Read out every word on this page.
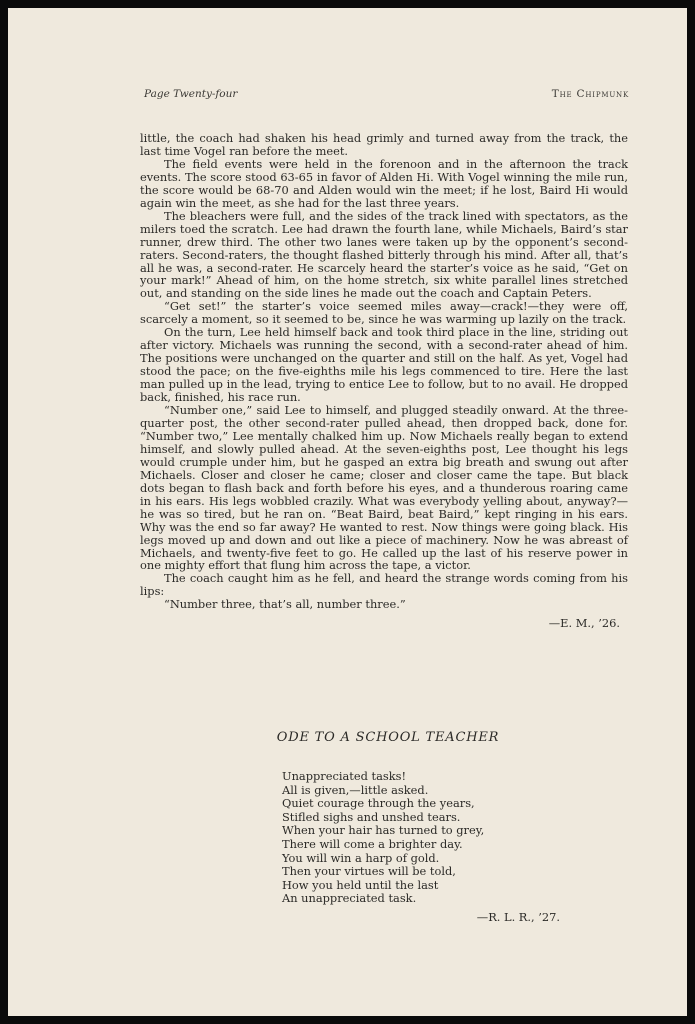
Page Twenty-four	The Chipmunk

little, the coach had shaken his head grimly and turned away from the track, the last time Vogel ran before the meet.

The field events were held in the forenoon and in the afternoon the track events. The score stood 63-65 in favor of Alden Hi. With Vogel winning the mile run, the score would be 68-70 and Alden would win the meet; if he lost, Baird Hi would again win the meet, as she had for the last three years.

The bleachers were full, and the sides of the track lined with spectators, as the milers toed the scratch. Lee had drawn the fourth lane, while Michaels, Baird’s star runner, drew third. The other two lanes were taken up by the opponent’s second-raters. Second-raters, the thought flashed bitterly through his mind. After all, that’s all he was, a second-rater. He scarcely heard the starter’s voice as he said, “Get on your mark!” Ahead of him, on the home stretch, six white parallel lines stretched out, and standing on the side lines he made out the coach and Captain Peters.

“Get set!” the starter’s voice seemed miles away—crack!—they were off, scarcely a moment, so it seemed to be, since he was warming up lazily on the track.

On the turn, Lee held himself back and took third place in the line, striding out after victory. Michaels was running the second, with a second-rater ahead of him. The positions were unchanged on the quarter and still on the half. As yet, Vogel had stood the pace; on the five-eighths mile his legs commenced to tire. Here the last man pulled up in the lead, trying to entice Lee to follow, but to no avail. He dropped back, finished, his race run.

“Number one,” said Lee to himself, and plugged steadily onward. At the three-quarter post, the other second-rater pulled ahead, then dropped back, done for. “Number two,” Lee mentally chalked him up. Now Michaels really began to extend himself, and slowly pulled ahead. At the seven-eighths post, Lee thought his legs would crumple under him, but he gasped an extra big breath and swung out after Michaels. Closer and closer he came; closer and closer came the tape. But black dots began to flash back and forth before his eyes, and a thunderous roaring came in his ears. His legs wobbled crazily. What was everybody yelling about, anyway?—he was so tired, but he ran on. “Beat Baird, beat Baird,” kept ringing in his ears. Why was the end so far away? He wanted to rest. Now things were going black. His legs moved up and down and out like a piece of machinery. Now he was abreast of Michaels, and twenty-five feet to go. He called up the last of his reserve power in one mighty effort that flung him across the tape, a victor.

The coach caught him as he fell, and heard the strange words coming from his lips:

“Number three, that’s all, number three.”

—E. M., ’26.

ODE TO A SCHOOL TEACHER
Unappreciated tasks!
All is given,—little asked.
Quiet courage through the years,
Stifled sighs and unshed tears.
When your hair has turned to grey,
There will come a brighter day.
You will win a harp of gold.
Then your virtues will be told,
How you held until the last
An unappreciated task.
—R. L. R., ’27.
